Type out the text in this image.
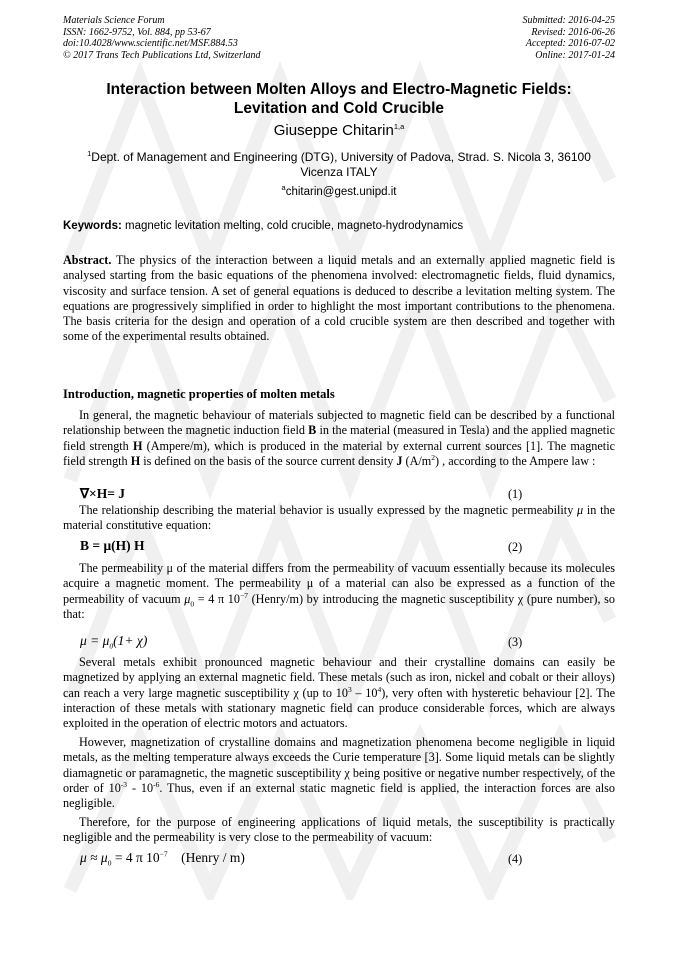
Materials Science Forum
ISSN: 1662-9752, Vol. 884, pp 53-67
doi:10.4028/www.scientific.net/MSF.884.53
© 2017 Trans Tech Publications Ltd, Switzerland
Submitted: 2016-04-25
Revised: 2016-06-26
Accepted: 2016-07-02
Online: 2017-01-24
Interaction between Molten Alloys and Electro-Magnetic Fields:
Levitation and Cold Crucible
Giuseppe Chitarin$^{1,a}$
$^1$Dept. of Management and Engineering (DTG), University of Padova, Strad. S. Nicola 3, 36100
Vicenza ITALY
$^a$chitarin@gest.unipd.it
Keywords: magnetic levitation melting, cold crucible, magneto-hydrodynamics
Abstract. The physics of the interaction between a liquid metals and an externally applied magnetic field is analysed starting from the basic equations of the phenomena involved: electromagnetic fields, fluid dynamics, viscosity and surface tension. A set of general equations is deduced to describe a levitation melting system. The equations are progressively simplified in order to highlight the most important contributions to the phenomena. The basis criteria for the design and operation of a cold crucible system are then described and together with some of the experimental results obtained.
Introduction, magnetic properties of molten metals

In general, the magnetic behaviour of materials subjected to magnetic field can be described by a functional relationship between the magnetic induction field B in the material (measured in Tesla) and the applied magnetic field strength H (Ampere/m), which is produced in the material by external current sources [1]. The magnetic field strength H is defined on the basis of the source current density J $(A/m^2)$ , according to the Ampere law :

∇×H= J	(1)

The relationship describing the material behavior is usually expressed by the magnetic permeability μ in the material constitutive equation:

B = μ(H) H	(2)

The permeability μ of the material differs from the permeability of vacuum essentially because its molecules acquire a magnetic moment. The permeability μ of a material can also be expressed as a function of the permeability of vacuum $\mu_0 = 4$ π $10^{-7}$ (Henry/m) by introducing the magnetic susceptibility χ (pure number), so that:

$\mu = \mu_0(1+ \chi)$	(3)

Several metals exhibit pronounced magnetic behaviour and their crystalline domains can easily be magnetized by applying an external magnetic field. These metals (such as iron, nickel and cobalt or their alloys) can reach a very large magnetic susceptibility χ (up to $10^3 - 10^4$), very often with hysteretic behaviour [2]. The interaction of these metals with stationary magnetic field can produce considerable forces, which are always exploited in the operation of electric motors and actuators.

However, magnetization of crystalline domains and magnetization phenomena become negligible in liquid metals, as the melting temperature always exceeds the Curie temperature [3]. Some liquid metals can be slightly diamagnetic or paramagnetic, the magnetic susceptibility χ being positive or negative number respectively, of the order of $10^{-3} - 10^{-6}$. Thus, even if an external static magnetic field is applied, the interaction forces are also negligible.

Therefore, for the purpose of engineering applications of liquid metals, the susceptibility is practically negligible and the permeability is very close to the permeability of vacuum:

$\mu \approx \mu_0 = 4$ π $10^{-7}$ (Henry / m)	(4)
